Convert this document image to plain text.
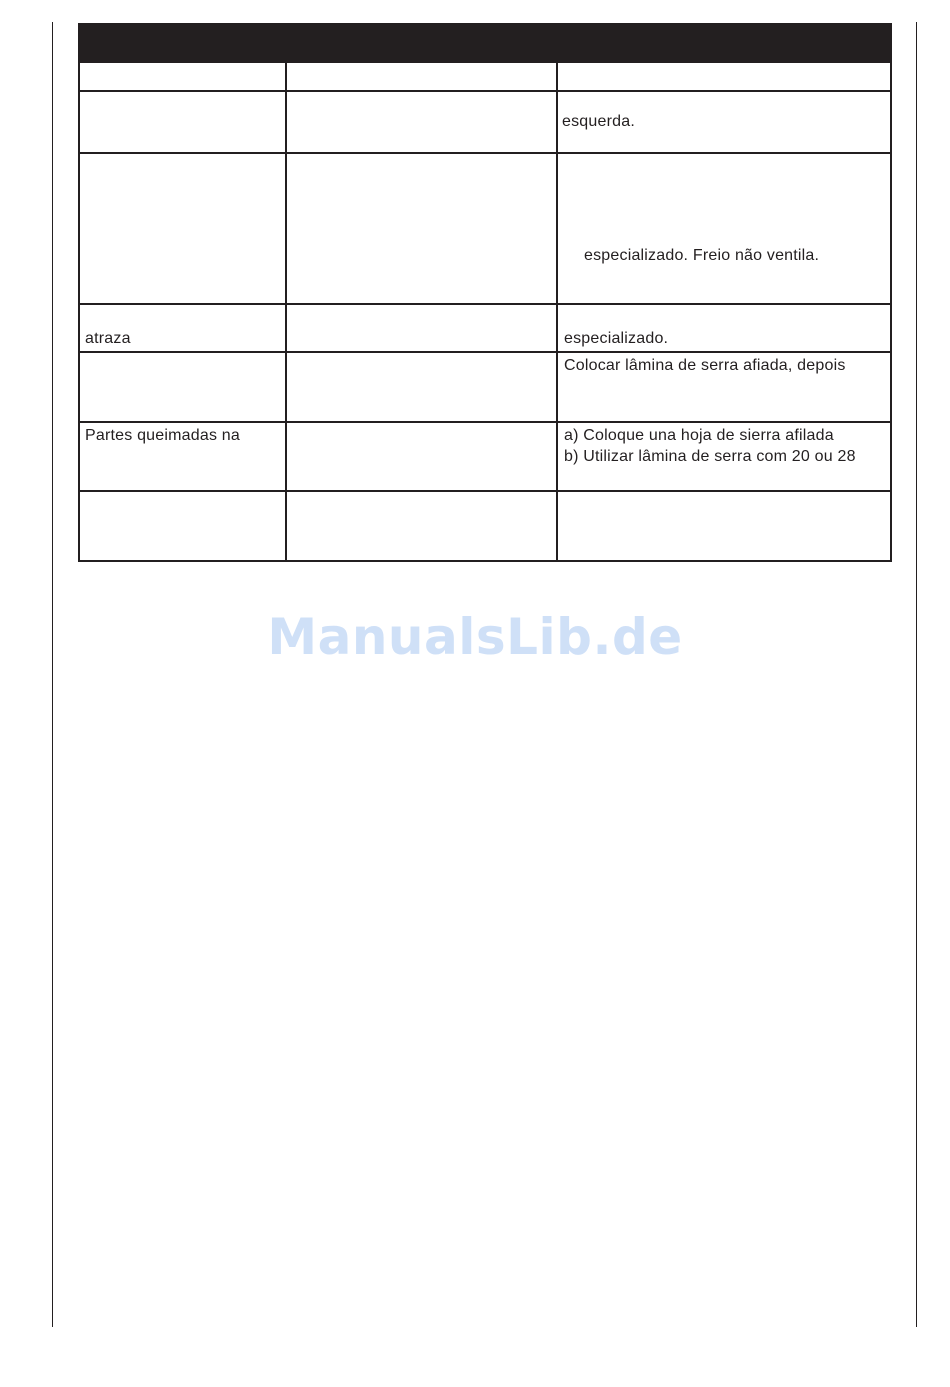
esquerda.
especializado. Freio não ventila.
atraza	especializado.
Colocar lâmina de serra afiada, depois
Partes queimadas na	a) Coloque una hoja de sierra afilada
b) Utilizar lâmina de serra com 20 ou 28
ManualsLib.de
